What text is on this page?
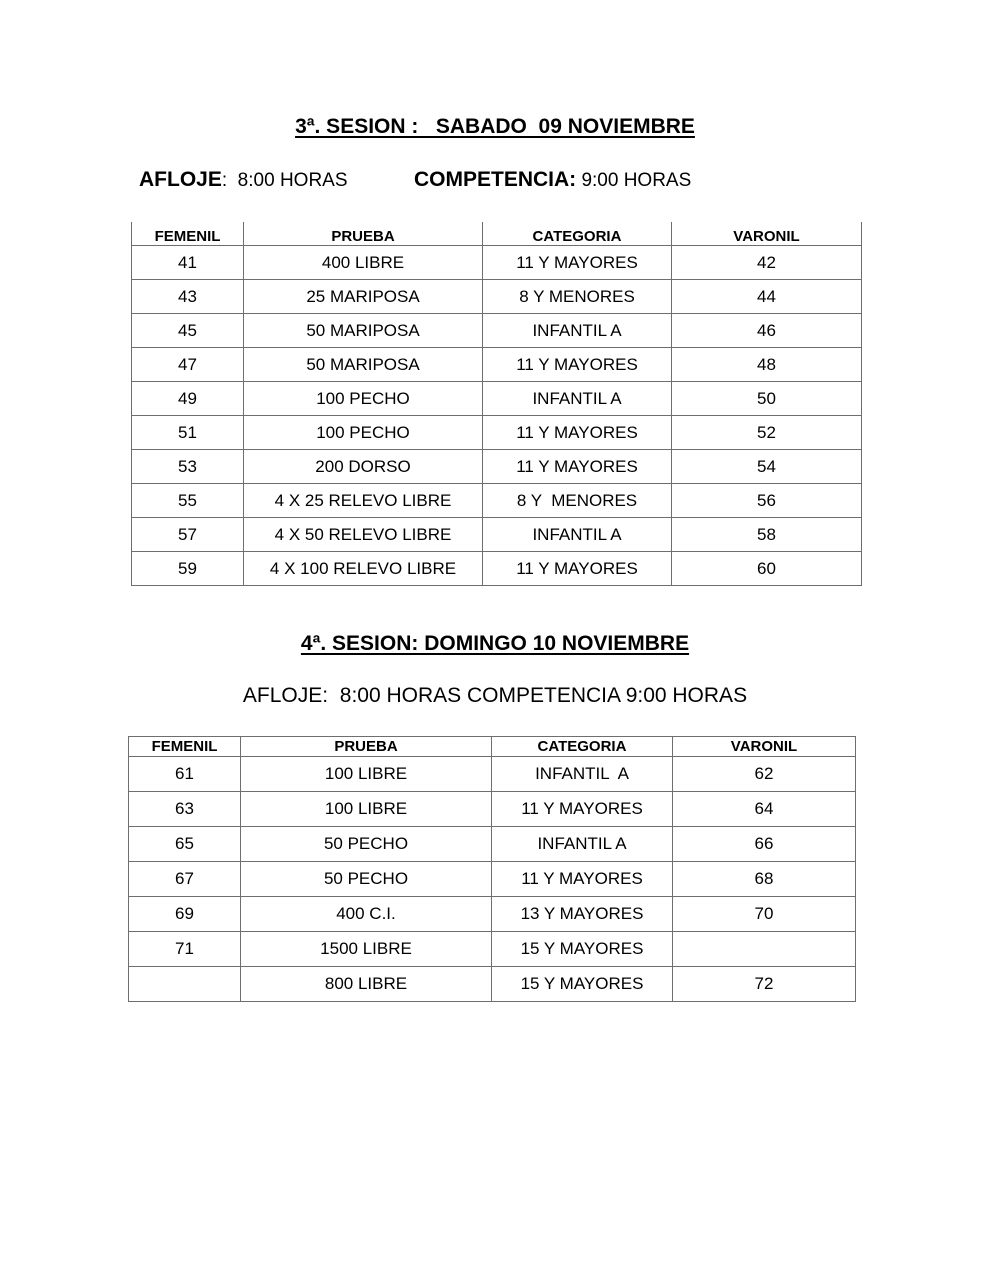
3ª. SESION :   SABADO  09 NOVIEMBRE
AFLOJE:  8:00 HORAS	COMPETENCIA: 9:00 HORAS
FEMENIL	PRUEBA	CATEGORIA	VARONIL
41	400 LIBRE	11 Y MAYORES	42
43	25 MARIPOSA	8 Y MENORES	44
45	50 MARIPOSA	INFANTIL A	46
47	50 MARIPOSA	11 Y MAYORES	48
49	100 PECHO	INFANTIL A	50
51	100 PECHO	11 Y MAYORES	52
53	200 DORSO	11 Y MAYORES	54
55	4 X 25 RELEVO LIBRE	8 Y  MENORES	56
57	4 X 50 RELEVO LIBRE	INFANTIL A	58
59	4 X 100 RELEVO LIBRE	11 Y MAYORES	60
4ª. SESION: DOMINGO 10 NOVIEMBRE
AFLOJE:  8:00 HORAS COMPETENCIA 9:00 HORAS
FEMENIL	PRUEBA	CATEGORIA	VARONIL
61	100 LIBRE	INFANTIL  A	62
63	100 LIBRE	11 Y MAYORES	64
65	50 PECHO	INFANTIL A	66
67	50 PECHO	11 Y MAYORES	68
69	400 C.I.	13 Y MAYORES	70
71	1500 LIBRE	15 Y MAYORES	
	800 LIBRE	15 Y MAYORES	72
